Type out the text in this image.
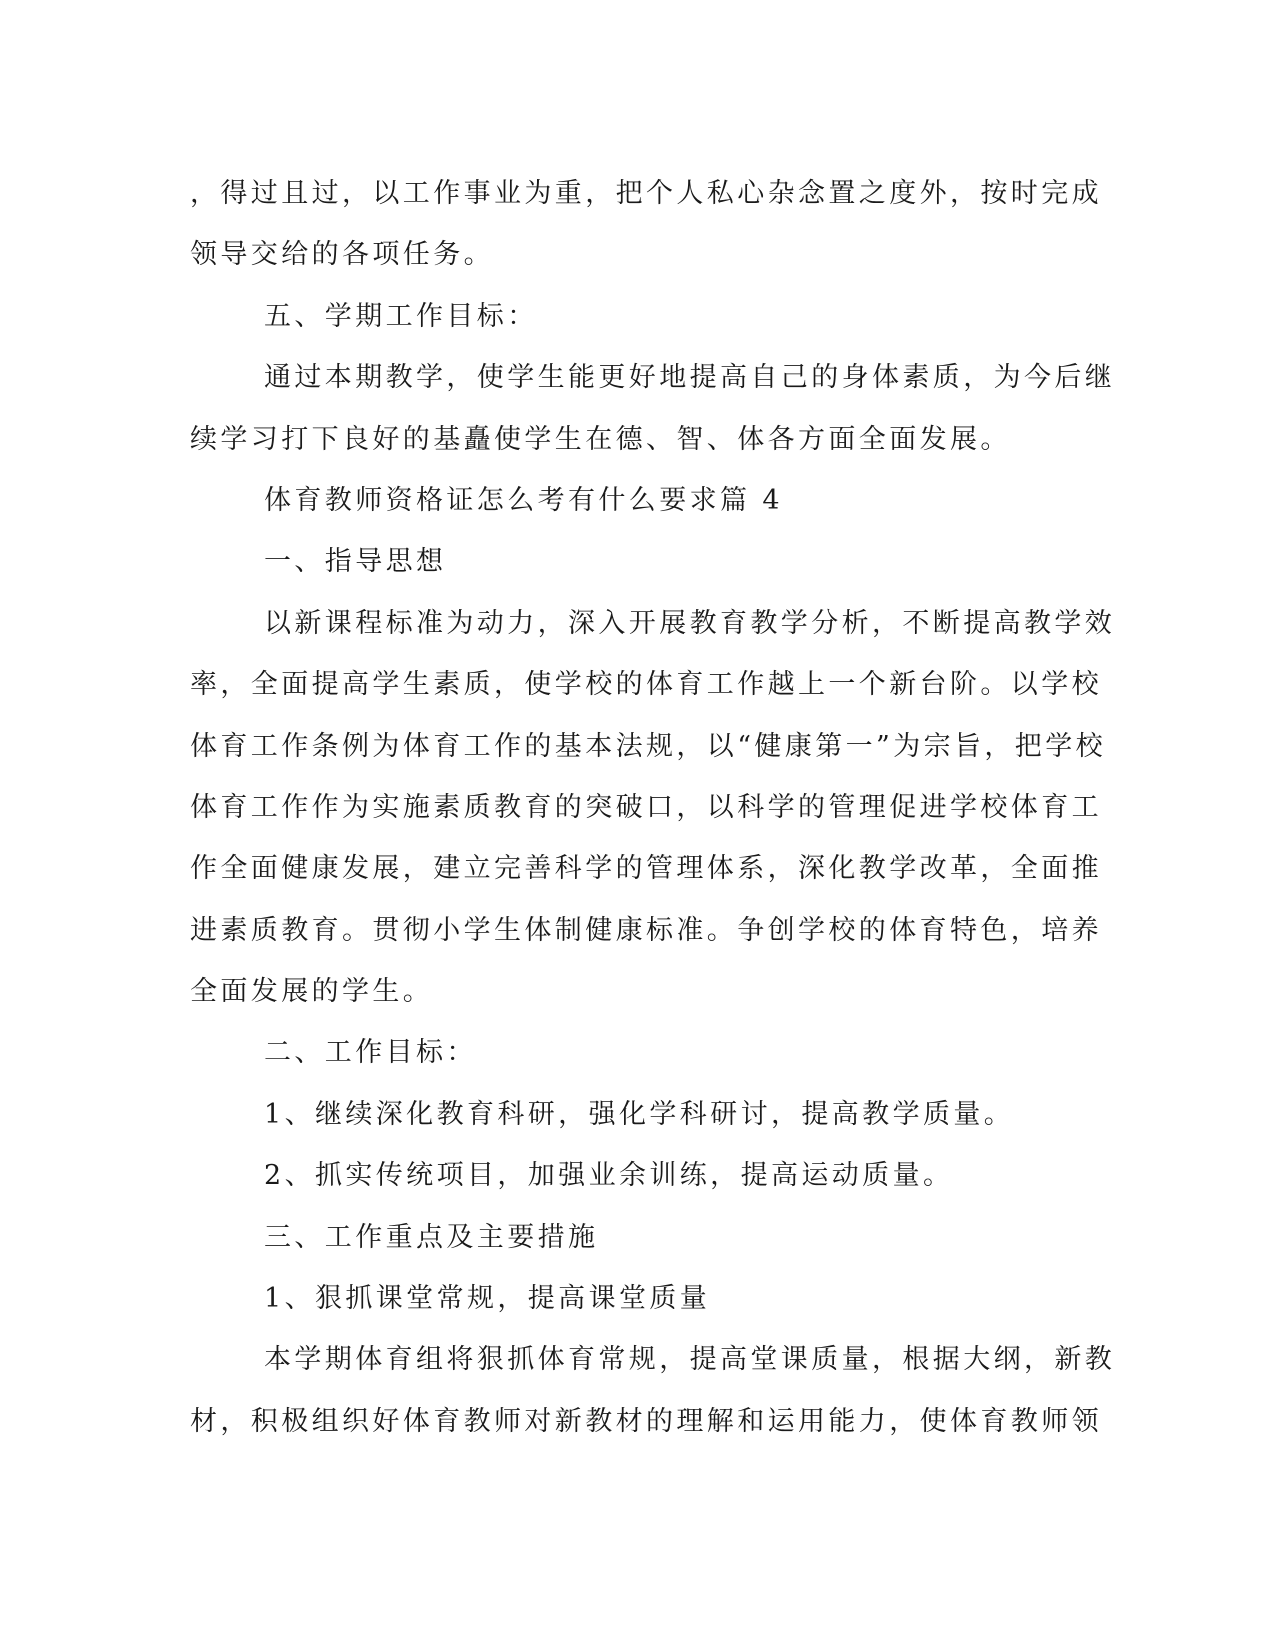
，得过且过，以工作事业为重，把个人私心杂念置之度外，按时完成
领导交给的各项任务。
五、学期工作目标：
通过本期教学，使学生能更好地提高自己的身体素质，为今后继
续学习打下良好的基矗使学生在德、智、体各方面全面发展。
体育教师资格证怎么考有什么要求篇 4
一、指导思想
以新课程标准为动力，深入开展教育教学分析，不断提高教学效
率，全面提高学生素质，使学校的体育工作越上一个新台阶。以学校
体育工作条例为体育工作的基本法规，以“健康第一”为宗旨，把学校
体育工作作为实施素质教育的突破口，以科学的管理促进学校体育工
作全面健康发展，建立完善科学的管理体系，深化教学改革，全面推
进素质教育。贯彻小学生体制健康标准。争创学校的体育特色，培养
全面发展的学生。
二、工作目标：
1、继续深化教育科研，强化学科研讨，提高教学质量。
2、抓实传统项目，加强业余训练，提高运动质量。
三、工作重点及主要措施
1、狠抓课堂常规，提高课堂质量
本学期体育组将狠抓体育常规，提高堂课质量，根据大纲，新教
材，积极组织好体育教师对新教材的理解和运用能力，使体育教师领
